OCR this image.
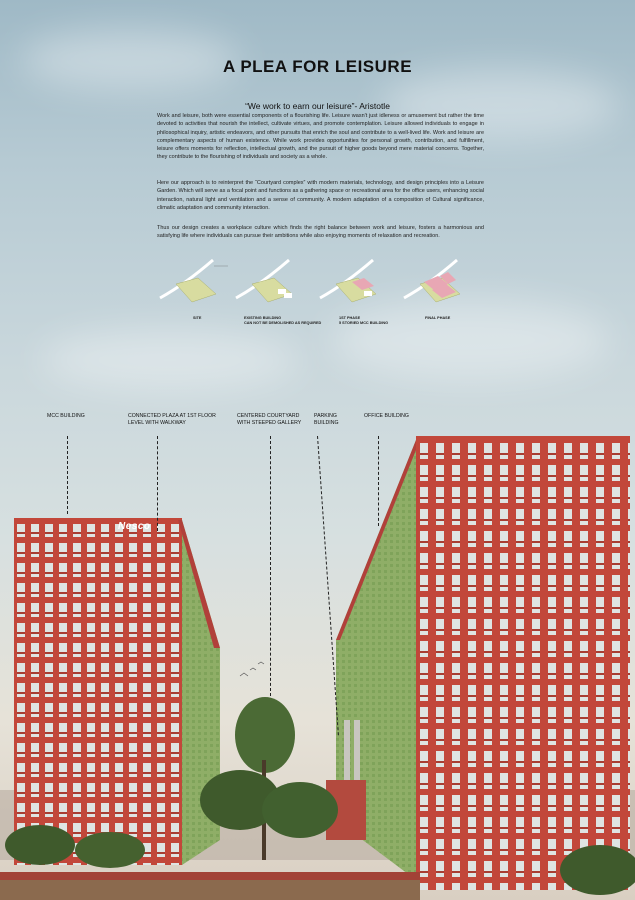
A PLEA FOR LEISURE
“We work to earn our leisure”- Aristotle
Work and leisure, both were essential components of a flourishing life. Leisure wasn't just idleness or amusement but rather the time devoted to activities that nourish the intellect, cultivate virtues, and promote contemplation. Leisure allowed individuals to engage in philosophical inquiry, artistic endeavors, and other pursuits that enrich the soul and contribute to a well-lived life. Work and leisure are complementary aspects of human existence. While work provides opportunities for personal growth, contribution, and fulfillment, leisure offers moments for reflection, intellectual growth, and the pursuit of higher goods beyond mere material concerns. Together, they contribute to the flourishing of individuals and society as a whole.
Here our approach is to reinterpret the “Courtyard complex” with modern materials, technology, and design principles into a Leisure Garden. Which will serve as a focal point and functions as a gathering space or recreational area for the office users, enhancing social interaction, natural light and ventilation and a sense of community. A modern adaptation of a composition of Cultural significance, climatic adaptation and community interaction.
Thus our design creates a workplace culture which finds the right balance between work and leisure, fosters a harmonious and satisfying life where individuals can pursue their ambitions while also enjoying moments of relaxation and recreation.
SITE	EXISTING BUILDING
CAN NOT BE DEMOLISHED AS REQUIRED
1ST PHASE
5 STORIED MCC BUILDING
FINAL PHASE
Nesco
MCC BUILDING	CONNECTED PLAZA AT 1ST FLOOR
LEVEL WITH WALKWAY
CENTERED COURTYARD
WITH STEEPED GALLERY
PARKING
BUILDING
OFFICE BUILDING
